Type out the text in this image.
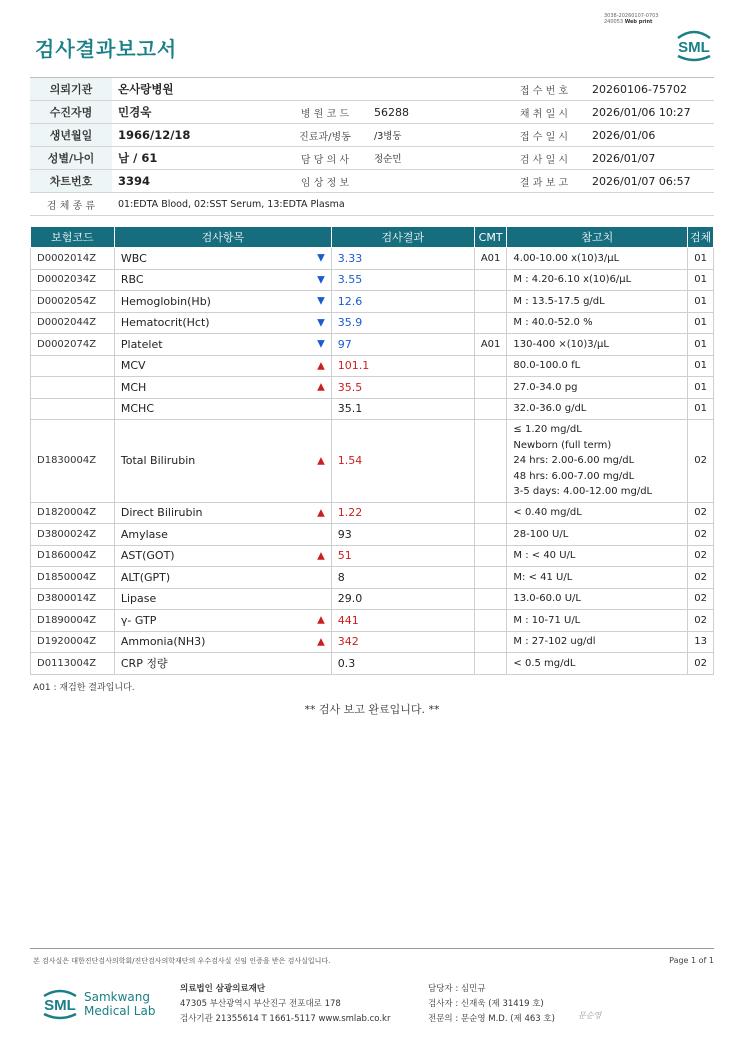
3038-20260107-0703
240053 Web print
검사결과보고서	SML
의뢰기관	온사랑병원			접 수 번 호	20260106-75702
수진자명	민경욱	병 원 코 드	56288	채 취 일 시	2026/01/06 10:27
생년월일	1966/12/18	진료과/병동	/3병동	접 수 일 시	2026/01/06
성별/나이	남 / 61	담 당 의 사	정순민	검 사 일 시	2026/01/07
차트번호	3394	임 상 정 보		결 과 보 고	2026/01/07 06:57
검 체 종 류	01:EDTA Blood, 02:SST Serum, 13:EDTA Plasma				
보험코드	검사항목	검사결과	CMT	참고치	검체
D0002014Z	WBC ▼	3.33	A01	4.00-10.00 x(10)3/μL	01
D0002034Z	RBC ▼	3.55		M : 4.20-6.10 x(10)6/μL	01
D0002054Z	Hemoglobin(Hb) ▼	12.6		M : 13.5-17.5 g/dL	01
D0002044Z	Hematocrit(Hct) ▼	35.9		M : 40.0-52.0 %	01
D0002074Z	Platelet ▼	97	A01	130-400 ×(10)3/μL	01
	MCV ▲	101.1		80.0-100.0 fL	01
	MCH ▲	35.5		27.0-34.0 pg	01
	MCHC	35.1		32.0-36.0 g/dL	01
D1830004Z	Total Bilirubin ▲	1.54		≤ 1.20 mg/dL
Newborn (full term)
24 hrs: 2.00-6.00 mg/dL
48 hrs: 6.00-7.00 mg/dL
3-5 days: 4.00-12.00 mg/dL	02
D1820004Z	Direct Bilirubin ▲	1.22		< 0.40 mg/dL	02
D3800024Z	Amylase	93		28-100 U/L	02
D1860004Z	AST(GOT) ▲	51		M : < 40 U/L	02
D1850004Z	ALT(GPT)	8		M: < 41 U/L	02
D3800014Z	Lipase	29.0		13.0-60.0 U/L	02
D1890004Z	γ- GTP ▲	441		M : 10-71 U/L	02
D1920004Z	Ammonia(NH3) ▲	342		M : 27-102 ug/dl	13
D0113004Z	CRP 정량	0.3		< 0.5 mg/dL	02
A01 : 재검한 결과입니다.
** 검사 보고 완료입니다. **
본 검사실은 대한진단검사의학회/진단검사의학재단의 우수검사실 신임 인증을 받은 검사실입니다.	Page 1 of 1
SML Samkwang
Medical Lab
의료법인 삼광의료재단
47305 부산광역시 부산진구 전포대로 178
검사기관 21355614 T 1661-5117 www.smlab.co.kr
담당자 : 심민규
검사자 : 신재욱 (제 31419 호)
전문의 : 문순영 M.D. (제 463 호)	문순영
